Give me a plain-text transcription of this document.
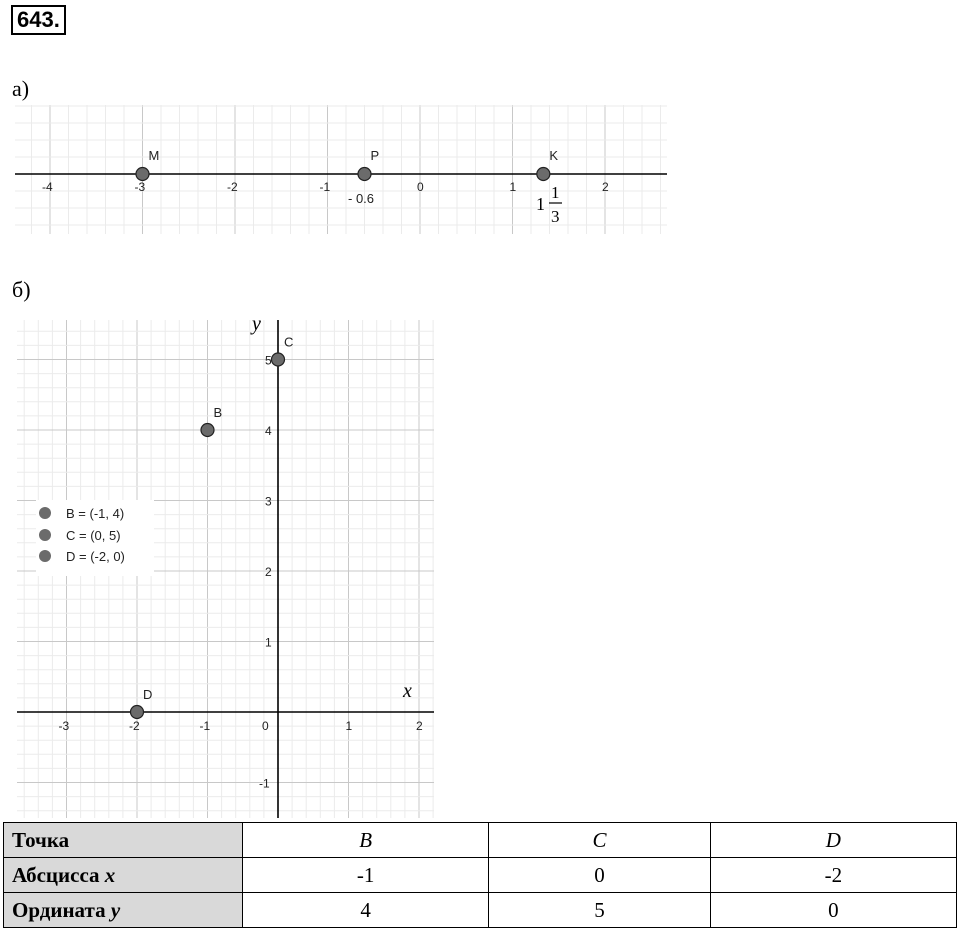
643.
а)
б)
-4	-3	-2	-1	0	1	2
M	P	K
- 0.6	1
1
3
y
x
-3	-2	-1	0	1	2
5
4
3
2
1
-1
B
C
D
B = (-1, 4)
C = (0, 5)
D = (-2, 0)
Точка	B	C	D
Абсцисса x	-1	0	-2
Ордината y	4	5	0
